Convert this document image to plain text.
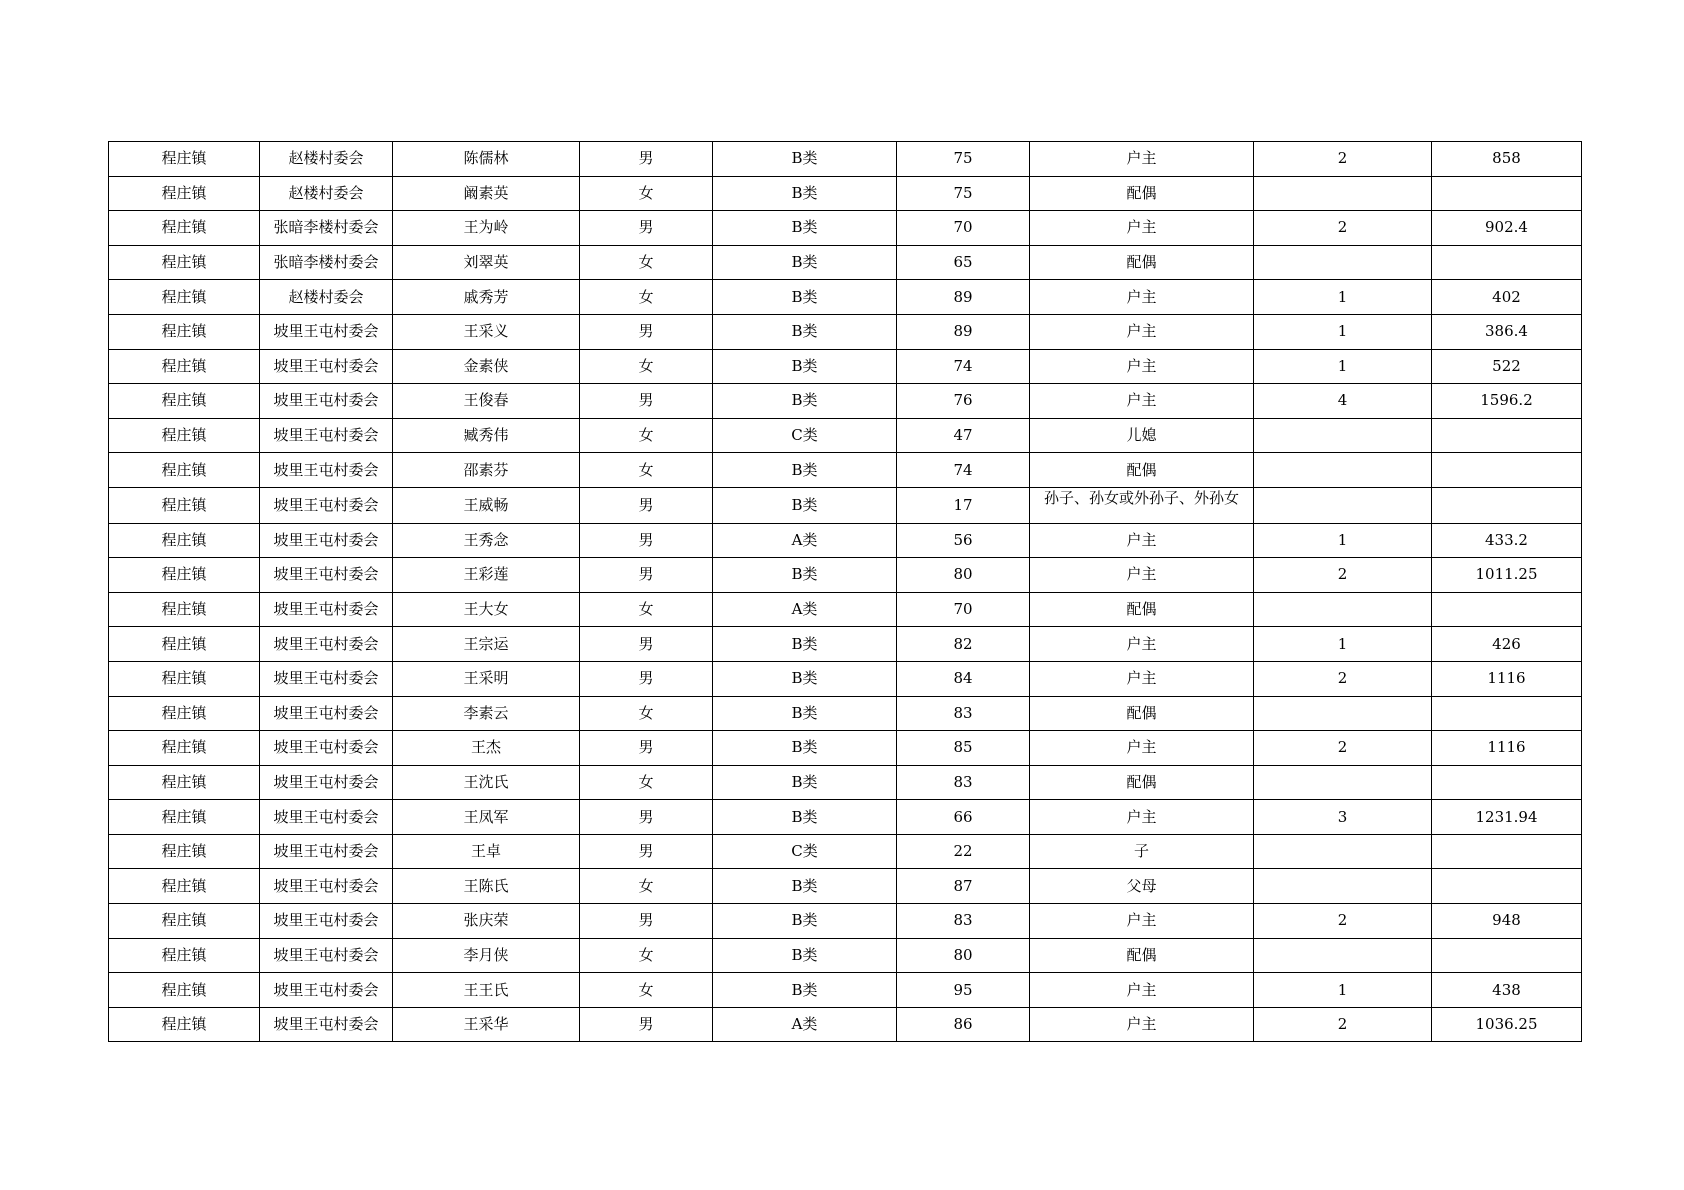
程庄镇	赵楼村委会	陈儒林	男	B类	75	户主	2	858
程庄镇	赵楼村委会	阚素英	女	B类	75	配偶		
程庄镇	张暗李楼村委会	王为岭	男	B类	70	户主	2	902.4
程庄镇	张暗李楼村委会	刘翠英	女	B类	65	配偶		
程庄镇	赵楼村委会	戚秀芳	女	B类	89	户主	1	402
程庄镇	坡里王屯村委会	王采义	男	B类	89	户主	1	386.4
程庄镇	坡里王屯村委会	金素侠	女	B类	74	户主	1	522
程庄镇	坡里王屯村委会	王俊春	男	B类	76	户主	4	1596.2
程庄镇	坡里王屯村委会	臧秀伟	女	C类	47	儿媳		
程庄镇	坡里王屯村委会	邵素芬	女	B类	74	配偶		
程庄镇	坡里王屯村委会	王威畅	男	B类	17	孙子、孙女或外孙子、外孙女		

程庄镇	坡里王屯村委会	王秀念	男	A类	56	户主	1	433.2
程庄镇	坡里王屯村委会	王彩莲	男	B类	80	户主	2	1011.25
程庄镇	坡里王屯村委会	王大女	女	A类	70	配偶		
程庄镇	坡里王屯村委会	王宗运	男	B类	82	户主	1	426
程庄镇	坡里王屯村委会	王采明	男	B类	84	户主	2	1116
程庄镇	坡里王屯村委会	李素云	女	B类	83	配偶		
程庄镇	坡里王屯村委会	王杰	男	B类	85	户主	2	1116
程庄镇	坡里王屯村委会	王沈氏	女	B类	83	配偶		
程庄镇	坡里王屯村委会	王凤军	男	B类	66	户主	3	1231.94
程庄镇	坡里王屯村委会	王卓	男	C类	22	子		
程庄镇	坡里王屯村委会	王陈氏	女	B类	87	父母		
程庄镇	坡里王屯村委会	张庆荣	男	B类	83	户主	2	948
程庄镇	坡里王屯村委会	李月侠	女	B类	80	配偶		
程庄镇	坡里王屯村委会	王王氏	女	B类	95	户主	1	438
程庄镇	坡里王屯村委会	王采华	男	A类	86	户主	2	1036.25
